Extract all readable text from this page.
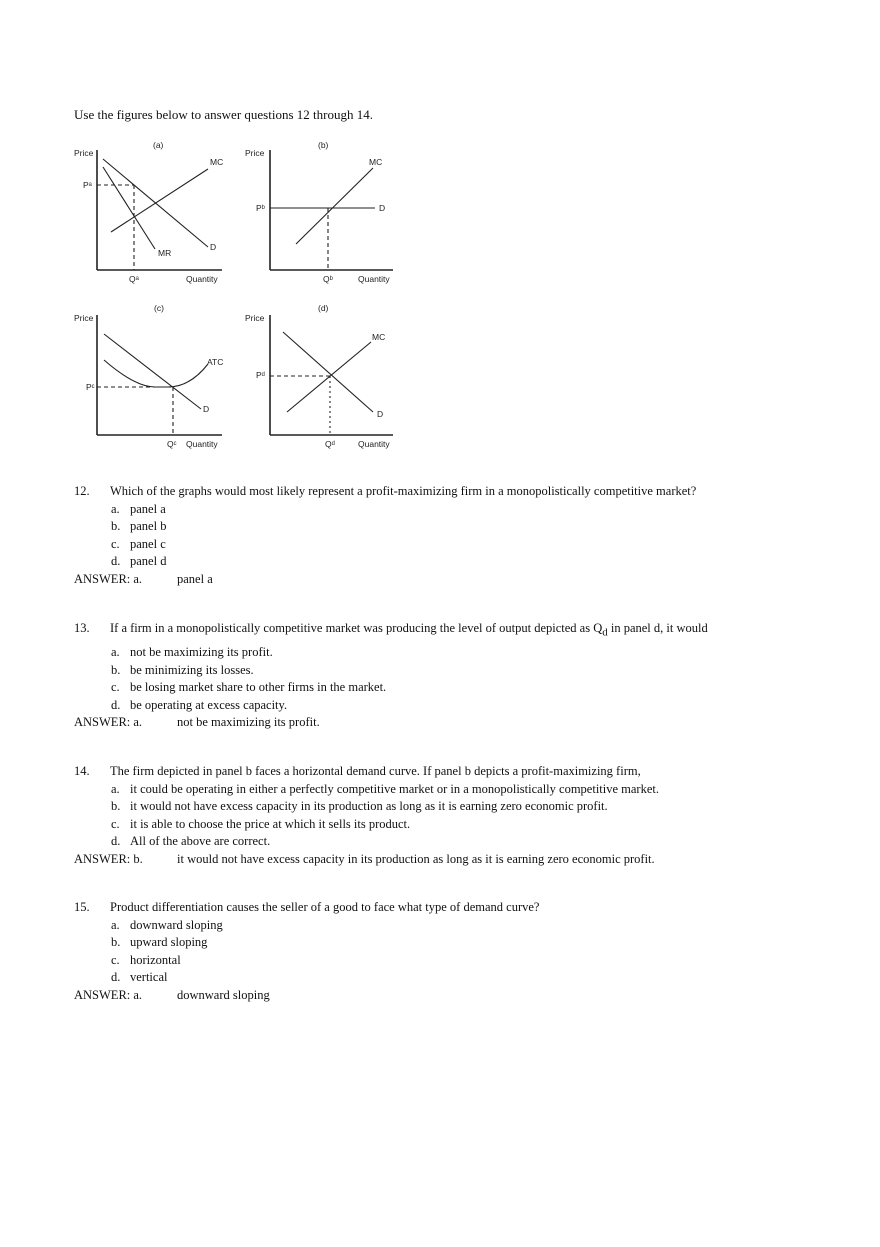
Use the figures below to answer questions 12 through 14.
(a)
Price
Pᵃ
Qᵃ	Quantity
MC
D
MR
(b)
Price
Pᵇ
Qᵇ	Quantity
MC
D
(c)
Price
Pᶜ
Qᶜ Quantity
ATC
D
(d)
Price
Pᵈ
Qᵈ	Quantity
MC
D
12.	Which of the graphs would most likely represent a profit-maximizing firm in a monopolistically competitive market?
a. panel a
b. panel b
c. panel c
d. panel d
ANSWER: a.	panel a
13.	If a firm in a monopolistically competitive market was producing the level of output depicted as $Q_d$ in panel d, it would
a. not be maximizing its profit.
b. be minimizing its losses.
c. be losing market share to other firms in the market.
d. be operating at excess capacity.
ANSWER: a.	not be maximizing its profit.
14.	The firm depicted in panel b faces a horizontal demand curve. If panel b depicts a profit-maximizing firm,
a. it could be operating in either a perfectly competitive market or in a monopolistically competitive market.
b. it would not have excess capacity in its production as long as it is earning zero economic profit.
c. it is able to choose the price at which it sells its product.
d. All of the above are correct.
ANSWER: b.	it would not have excess capacity in its production as long as it is earning zero economic profit.
15.	Product differentiation causes the seller of a good to face what type of demand curve?
a. downward sloping
b. upward sloping
c. horizontal
d. vertical
ANSWER: a.	downward sloping
